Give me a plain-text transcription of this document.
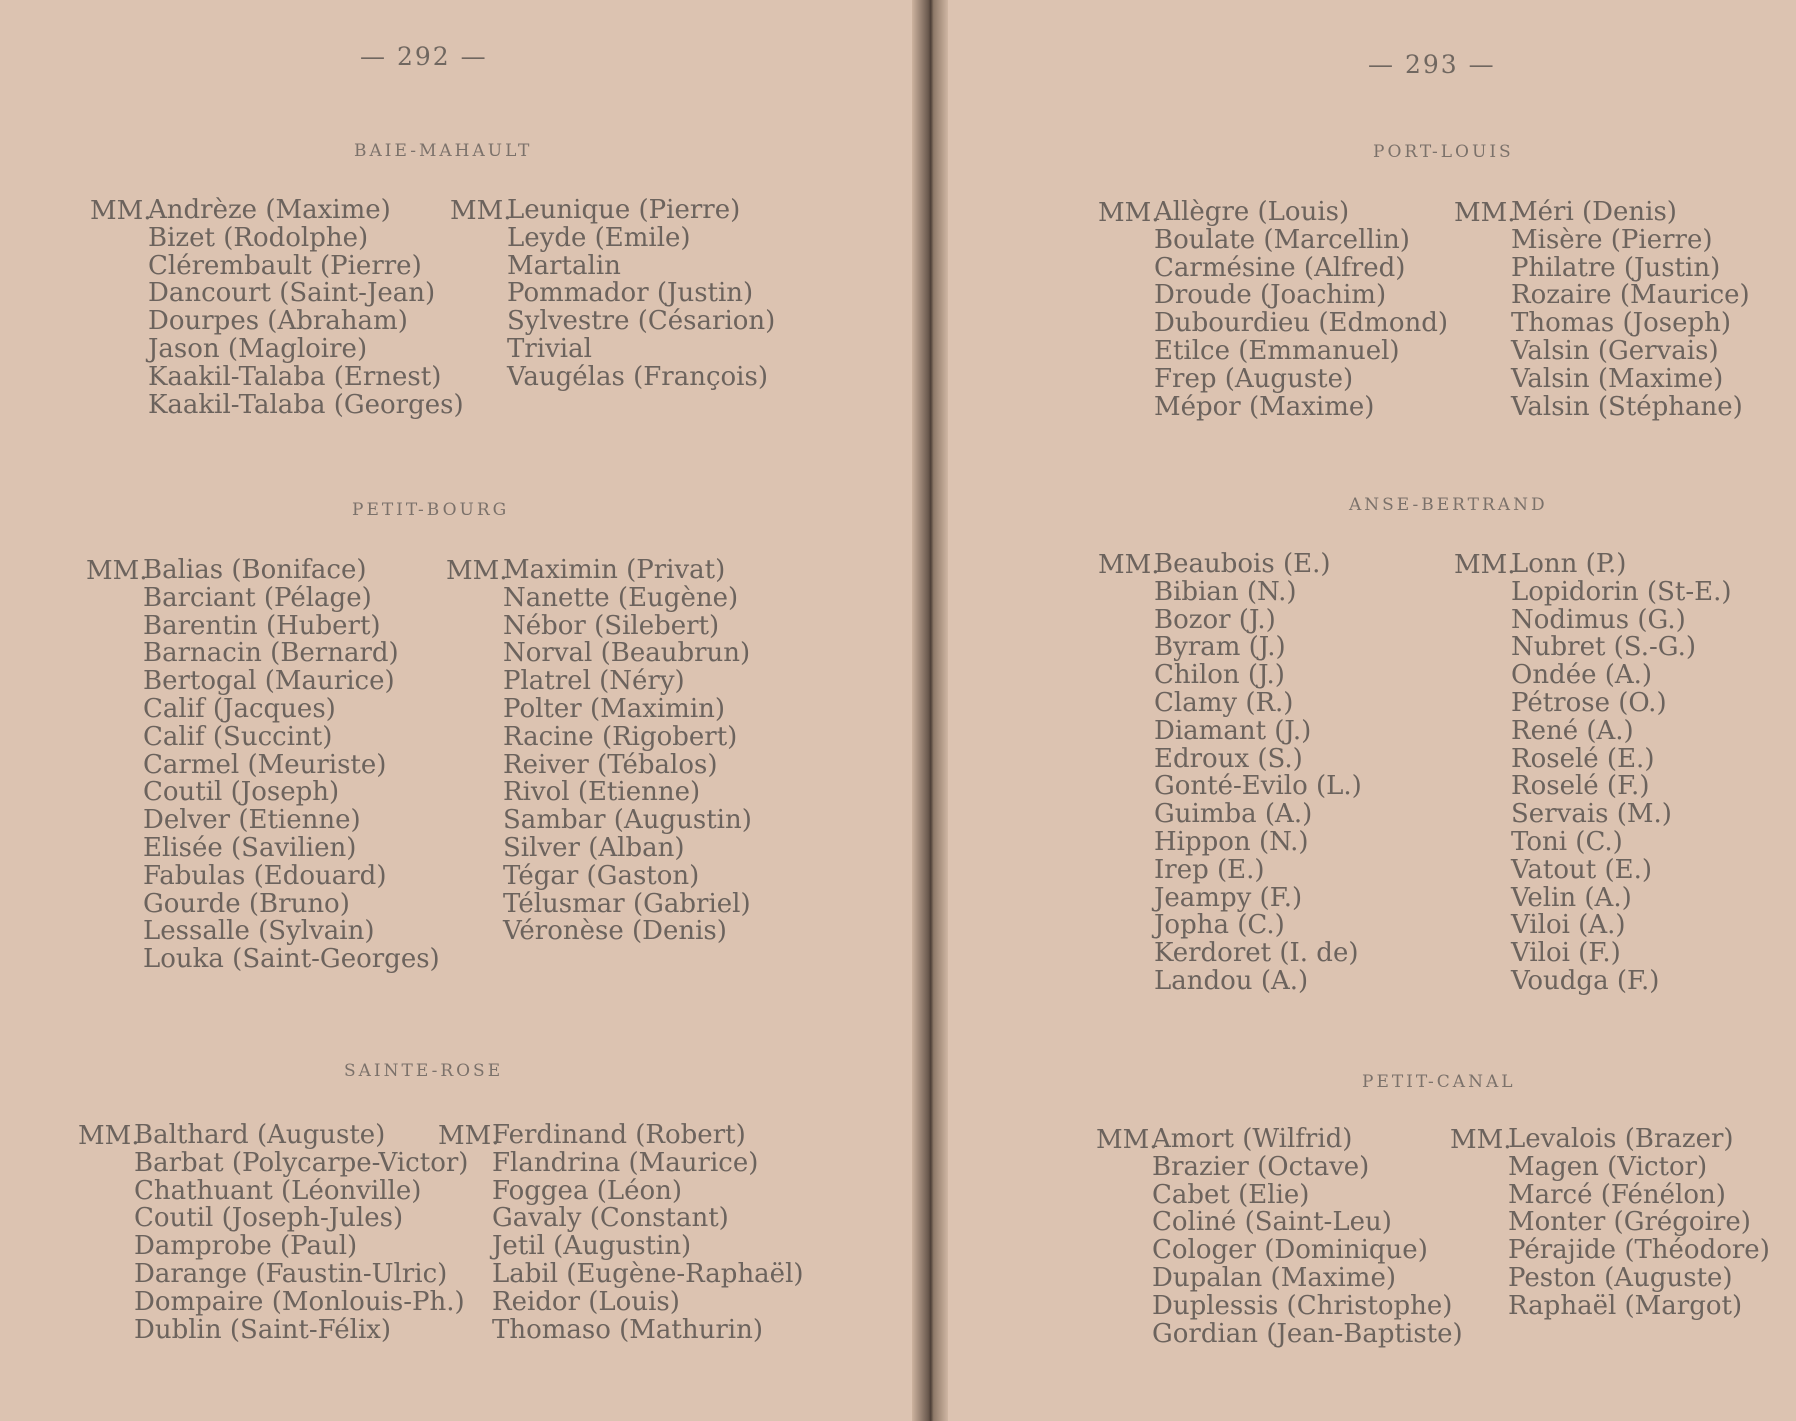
— 292 —
BAIE-MAHAULT
MM.
Andrèze (Maxime)
Bizet (Rodolphe)
Clérembault (Pierre)
Dancourt (Saint-Jean)
Dourpes (Abraham)
Jason (Magloire)
Kaakil-Talaba (Ernest)
Kaakil-Talaba (Georges)
MM.
Leunique (Pierre)
Leyde (Emile)
Martalin
Pommador (Justin)
Sylvestre (Césarion)
Trivial
Vaugélas (François)
PETIT-BOURG
MM.
Balias (Boniface)
Barciant (Pélage)
Barentin (Hubert)
Barnacin (Bernard)
Bertogal (Maurice)
Calif (Jacques)
Calif (Succint)
Carmel (Meuriste)
Coutil (Joseph)
Delver (Etienne)
Elisée (Savilien)
Fabulas (Edouard)
Gourde (Bruno)
Lessalle (Sylvain)
Louka (Saint-Georges)
MM.
Maximin (Privat)
Nanette (Eugène)
Nébor (Silebert)
Norval (Beaubrun)
Platrel (Néry)
Polter (Maximin)
Racine (Rigobert)
Reiver (Tébalos)
Rivol (Etienne)
Sambar (Augustin)
Silver (Alban)
Tégar (Gaston)
Télusmar (Gabriel)
Véronèse (Denis)
SAINTE-ROSE
MM.
Balthard (Auguste)
Barbat (Polycarpe-Victor)
Chathuant (Léonville)
Coutil (Joseph-Jules)
Damprobe (Paul)
Darange (Faustin-Ulric)
Dompaire (Monlouis-Ph.)
Dublin (Saint-Félix)
MM.
Ferdinand (Robert)
Flandrina (Maurice)
Foggea (Léon)
Gavaly (Constant)
Jetil (Augustin)
Labil (Eugène-Raphaël)
Reidor (Louis)
Thomaso (Mathurin)
— 293 —
PORT-LOUIS
MM.
Allègre (Louis)
Boulate (Marcellin)
Carmésine (Alfred)
Droude (Joachim)
Dubourdieu (Edmond)
Etilce (Emmanuel)
Frep (Auguste)
Mépor (Maxime)
MM.
Méri (Denis)
Misère (Pierre)
Philatre (Justin)
Rozaire (Maurice)
Thomas (Joseph)
Valsin (Gervais)
Valsin (Maxime)
Valsin (Stéphane)
ANSE-BERTRAND
MM.
Beaubois (E.)
Bibian (N.)
Bozor (J.)
Byram (J.)
Chilon (J.)
Clamy (R.)
Diamant (J.)
Edroux (S.)
Gonté-Evilo (L.)
Guimba (A.)
Hippon (N.)
Irep (E.)
Jeampy (F.)
Jopha (C.)
Kerdoret (I. de)
Landou (A.)
MM.
Lonn (P.)
Lopidorin (St-E.)
Nodimus (G.)
Nubret (S.-G.)
Ondée (A.)
Pétrose (O.)
René (A.)
Roselé (E.)
Roselé (F.)
Servais (M.)
Toni (C.)
Vatout (E.)
Velin (A.)
Viloi (A.)
Viloi (F.)
Voudga (F.)
PETIT-CANAL
MM.
Amort (Wilfrid)
Brazier (Octave)
Cabet (Elie)
Coliné (Saint-Leu)
Cologer (Dominique)
Dupalan (Maxime)
Duplessis (Christophe)
Gordian (Jean-Baptiste)
MM.
Levalois (Brazer)
Magen (Victor)
Marcé (Fénélon)
Monter (Grégoire)
Pérajide (Théodore)
Peston (Auguste)
Raphaël (Margot)
